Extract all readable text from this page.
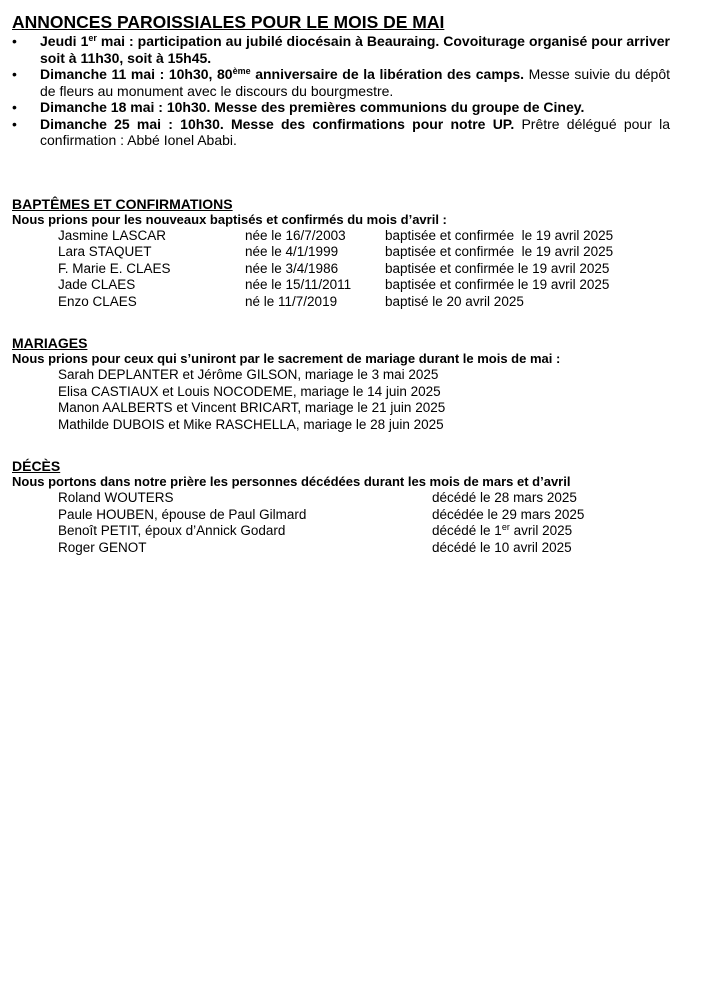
ANNONCES PAROISSIALES POUR LE MOIS DE MAI
• Jeudi 1er mai : participation au jubilé diocésain à Beauraing. Covoiturage organisé pour arriver soit à 11h30, soit à 15h45.
• Dimanche 11 mai : 10h30, 80ème anniversaire de la libération des camps. Messe suivie du dépôt de fleurs au monument avec le discours du bourgmestre.
• Dimanche 18 mai : 10h30. Messe des premières communions du groupe de Ciney.
• Dimanche 25 mai : 10h30. Messe des confirmations pour notre UP. Prêtre délégué pour la confirmation : Abbé Ionel Ababi.
BAPTÊMES ET CONFIRMATIONS
Nous prions pour les nouveaux baptisés et confirmés du mois d’avril :
Jasmine LASCAR	née le 16/7/2003	baptisée et confirmée  le 19 avril 2025
Lara STAQUET	née le 4/1/1999	baptisée et confirmée  le 19 avril 2025
F. Marie E. CLAES	née le 3/4/1986	baptisée et confirmée le 19 avril 2025
Jade CLAES	née le 15/11/2011	baptisée et confirmée le 19 avril 2025
Enzo CLAES	né le 11/7/2019	baptisé le 20 avril 2025
MARIAGES
Nous prions pour ceux qui s’uniront par le sacrement de mariage durant le mois de mai :
Sarah DEPLANTER et Jérôme GILSON, mariage le 3 mai 2025
Elisa CASTIAUX et Louis NOCODEME, mariage le 14 juin 2025
Manon AALBERTS et Vincent BRICART, mariage le 21 juin 2025
Mathilde DUBOIS et Mike RASCHELLA, mariage le 28 juin 2025
DÉCÈS
Nous portons dans notre prière les personnes décédées durant les mois de mars et d’avril
Roland WOUTERS	décédé le 28 mars 2025
Paule HOUBEN, épouse de Paul Gilmard	décédée le 29 mars 2025
Benoît PETIT, époux d’Annick Godard	décédé le 1er avril 2025
Roger GENOT	décédé le 10 avril 2025
